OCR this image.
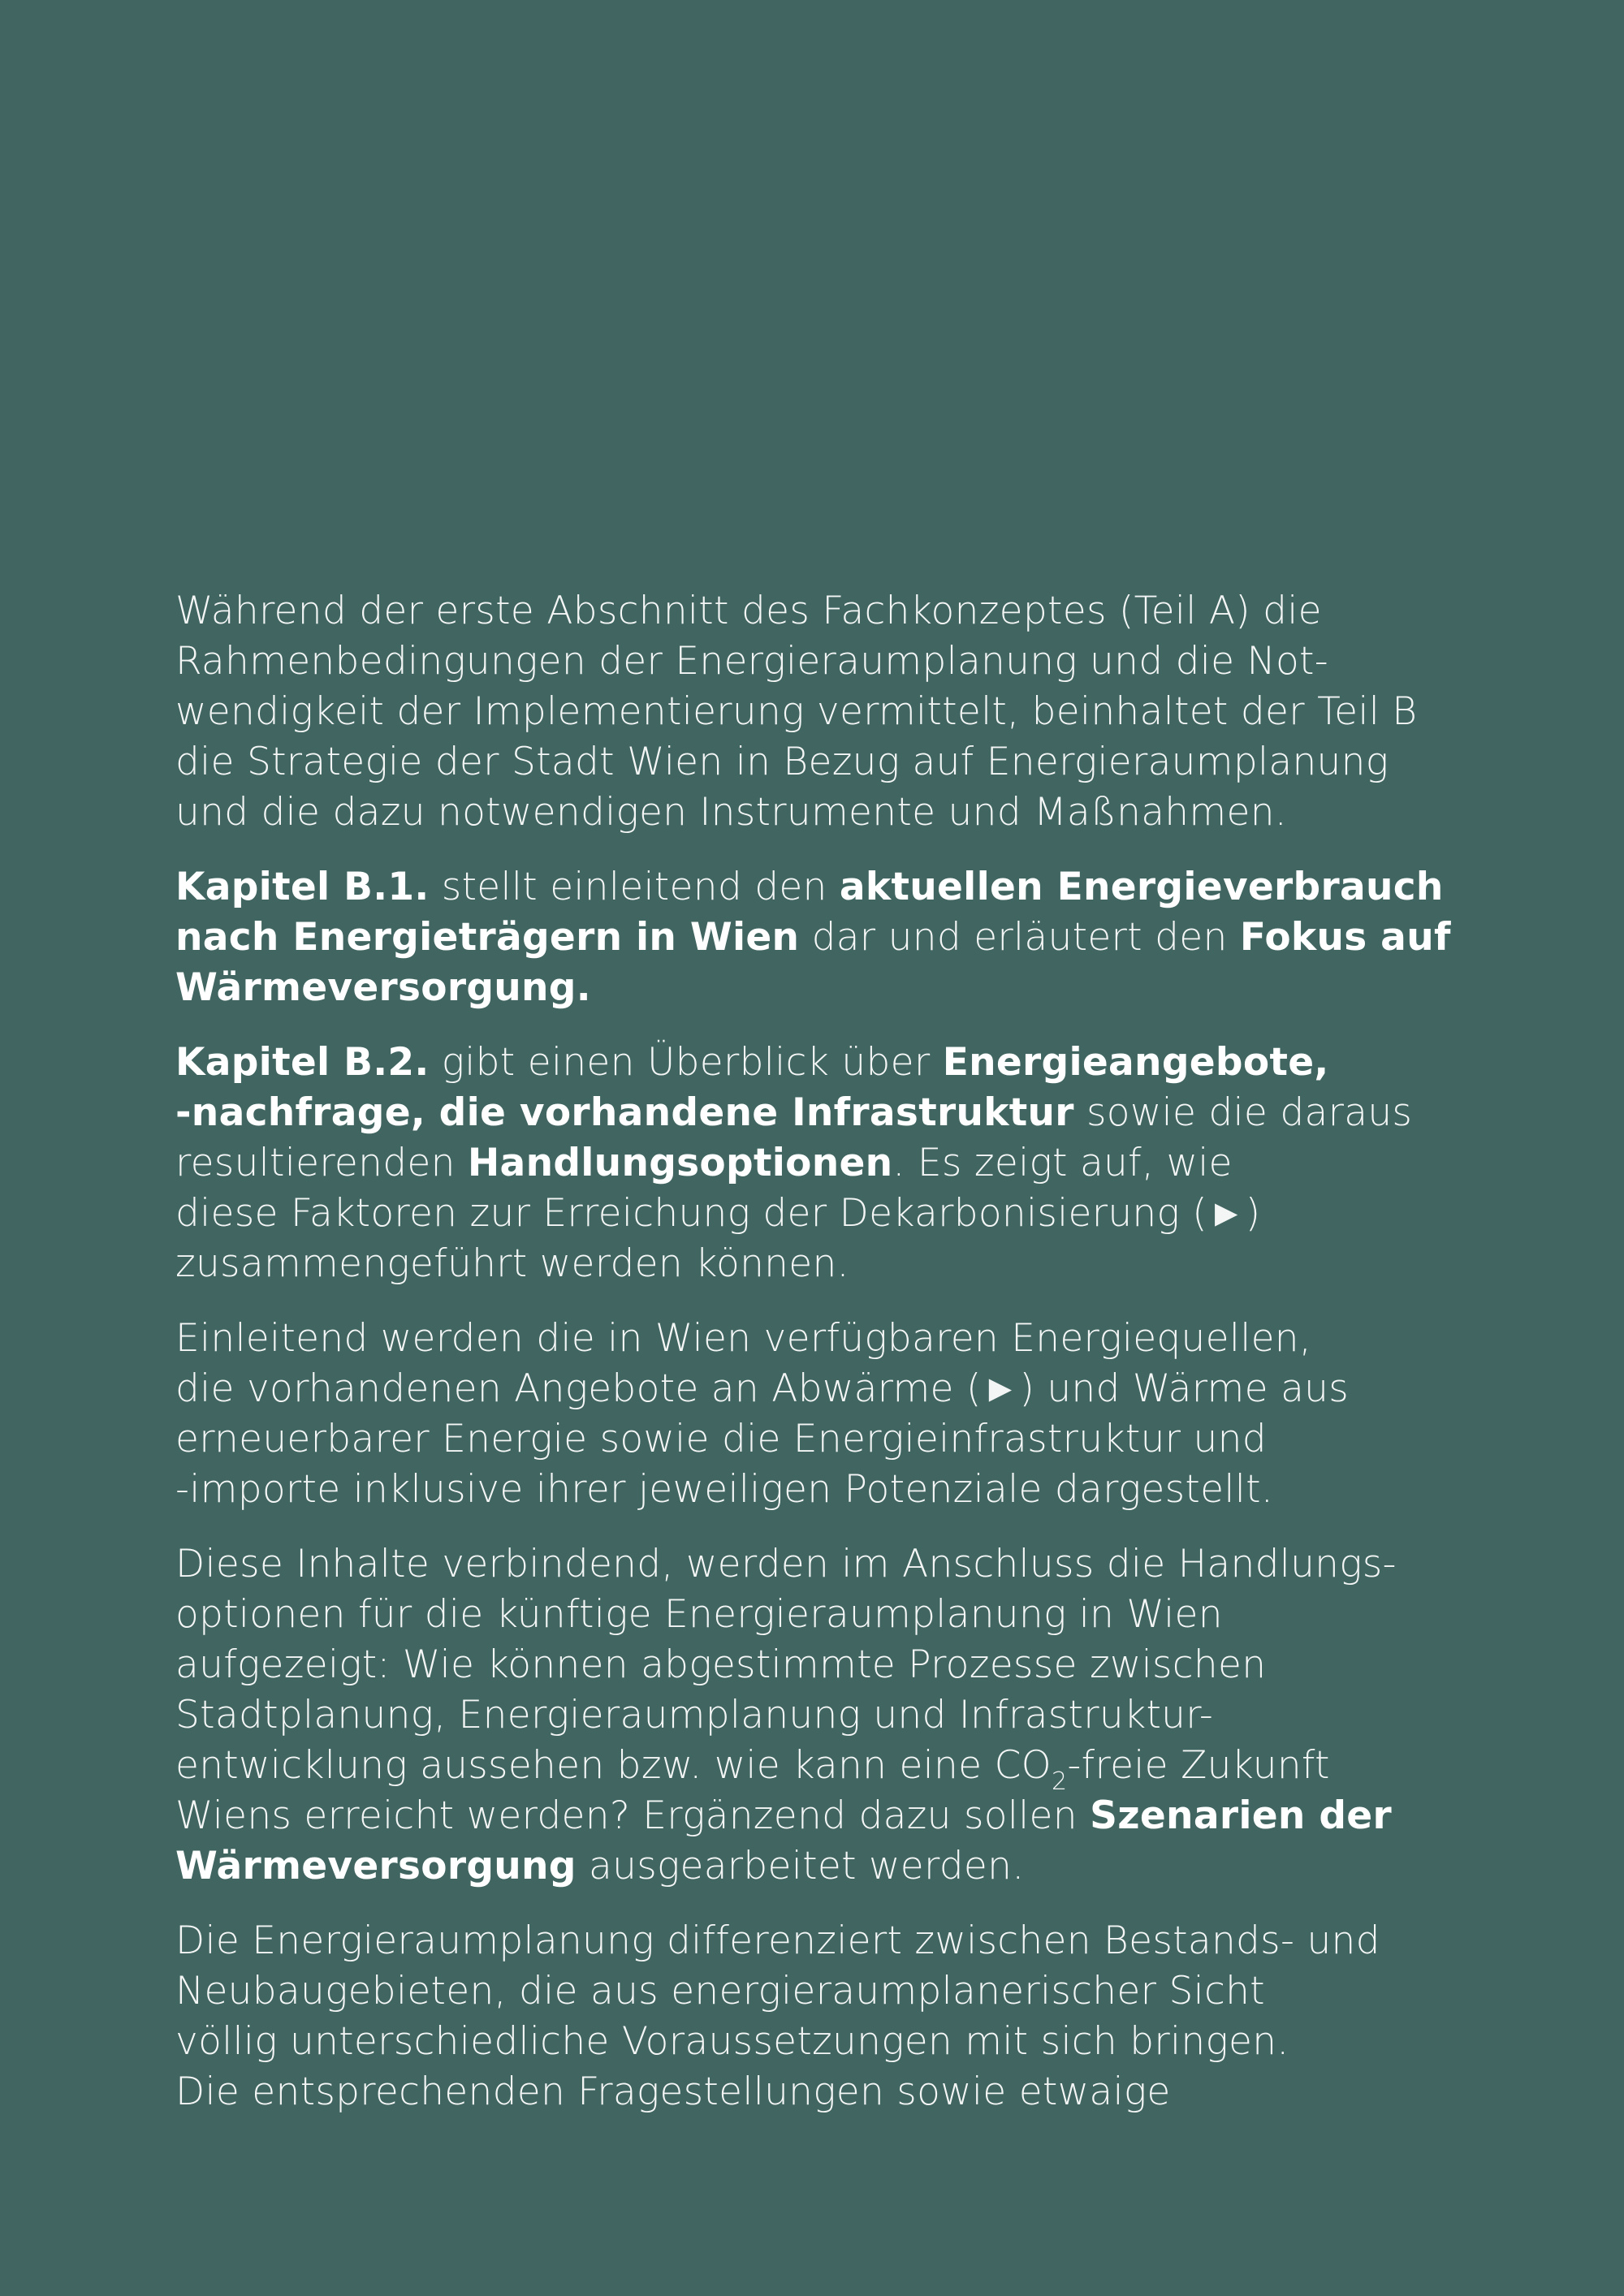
Während der erste Abschnitt des Fachkonzeptes (Teil A) die
Rahmenbedingungen der Energieraumplanung und die Not-
wendigkeit der Implementierung vermittelt, beinhaltet der Teil B
die Strategie der Stadt Wien in Bezug auf Energieraumplanung
und die dazu notwendigen Instrumente und Maßnahmen.

Kapitel B.1. stellt einleitend den aktuellen Energieverbrauch
nach Energieträgern in Wien dar und erläutert den Fokus auf
Wärmeversorgung.

Kapitel B.2. gibt einen Überblick über Energieangebote,
-nachfrage, die vorhandene Infrastruktur sowie die daraus
resultierenden Handlungsoptionen. Es zeigt auf, wie
diese Faktoren zur Erreichung der Dekarbonisierung (►)
zusammengeführt werden können.

Einleitend werden die in Wien verfügbaren Energiequellen,
die vorhandenen Angebote an Abwärme (►) und Wärme aus
erneuerbarer Energie sowie die Energieinfrastruktur und
-importe inklusive ihrer jeweiligen Potenziale dargestellt.

Diese Inhalte verbindend, werden im Anschluss die Handlungs-
optionen für die künftige Energieraumplanung in Wien
aufgezeigt: Wie können abgestimmte Prozesse zwischen
Stadtplanung, Energieraumplanung und Infrastruktur-
entwicklung aussehen bzw. wie kann eine $CO_2$-freie Zukunft
Wiens erreicht werden? Ergänzend dazu sollen Szenarien der
Wärmeversorgung ausgearbeitet werden.

Die Energieraumplanung differenziert zwischen Bestands- und
Neubaugebieten, die aus energieraumplanerischer Sicht
völlig unterschiedliche Voraussetzungen mit sich bringen.
Die entsprechenden Fragestellungen sowie etwaige
